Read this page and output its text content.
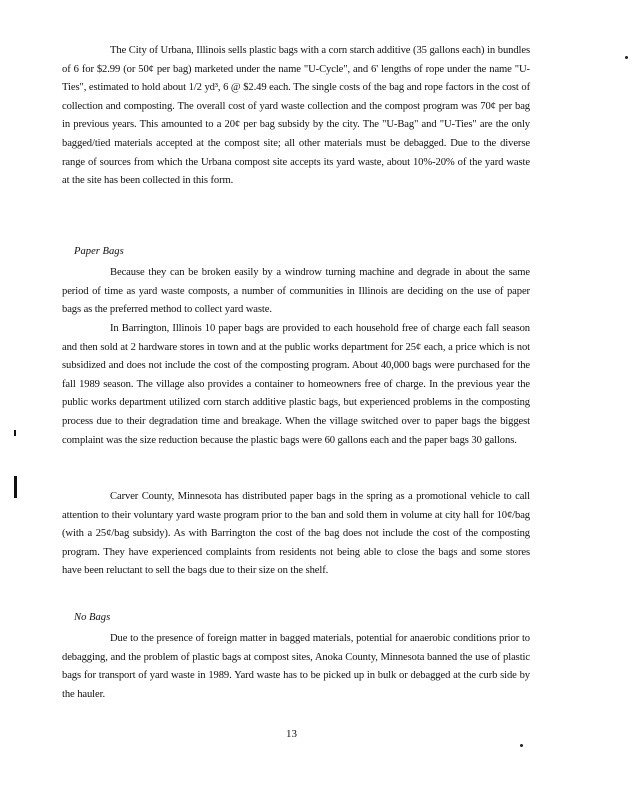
The City of Urbana, Illinois sells plastic bags with a corn starch additive (35 gallons each) in bundles of 6 for $2.99 (or 50¢ per bag) marketed under the name "U-Cycle", and 6' lengths of rope under the name "U-Ties", estimated to hold about 1/2 yd³, 6 @ $2.49 each. The single costs of the bag and rope factors in the cost of collection and composting. The overall cost of yard waste collection and the compost program was 70¢ per bag in previous years. This amounted to a 20¢ per bag subsidy by the city. The "U-Bag" and "U-Ties" are the only bagged/tied materials accepted at the compost site; all other materials must be debagged. Due to the diverse range of sources from which the Urbana compost site accepts its yard waste, about 10%-20% of the yard waste at the site has been collected in this form.

Paper Bags

Because they can be broken easily by a windrow turning machine and degrade in about the same period of time as yard waste composts, a number of communities in Illinois are deciding on the use of paper bags as the preferred method to collect yard waste.

In Barrington, Illinois 10 paper bags are provided to each household free of charge each fall season and then sold at 2 hardware stores in town and at the public works department for 25¢ each, a price which is not subsidized and does not include the cost of the composting program. About 40,000 bags were purchased for the fall 1989 season. The village also provides a container to homeowners free of charge. In the previous year the public works department utilized corn starch additive plastic bags, but experienced problems in the composting process due to their degradation time and breakage. When the village switched over to paper bags the biggest complaint was the size reduction because the plastic bags were 60 gallons each and the paper bags 30 gallons.

Carver County, Minnesota has distributed paper bags in the spring as a promotional vehicle to call attention to their voluntary yard waste program prior to the ban and sold them in volume at city hall for 10¢/bag (with a 25¢/bag subsidy). As with Barrington the cost of the bag does not include the cost of the composting program. They have experienced complaints from residents not being able to close the bags and some stores have been reluctant to sell the bags due to their size on the shelf.

No Bags

Due to the presence of foreign matter in bagged materials, potential for anaerobic conditions prior to debagging, and the problem of plastic bags at compost sites, Anoka County, Minnesota banned the use of plastic bags for transport of yard waste in 1989. Yard waste has to be picked up in bulk or debagged at the curb side by the hauler.

13
